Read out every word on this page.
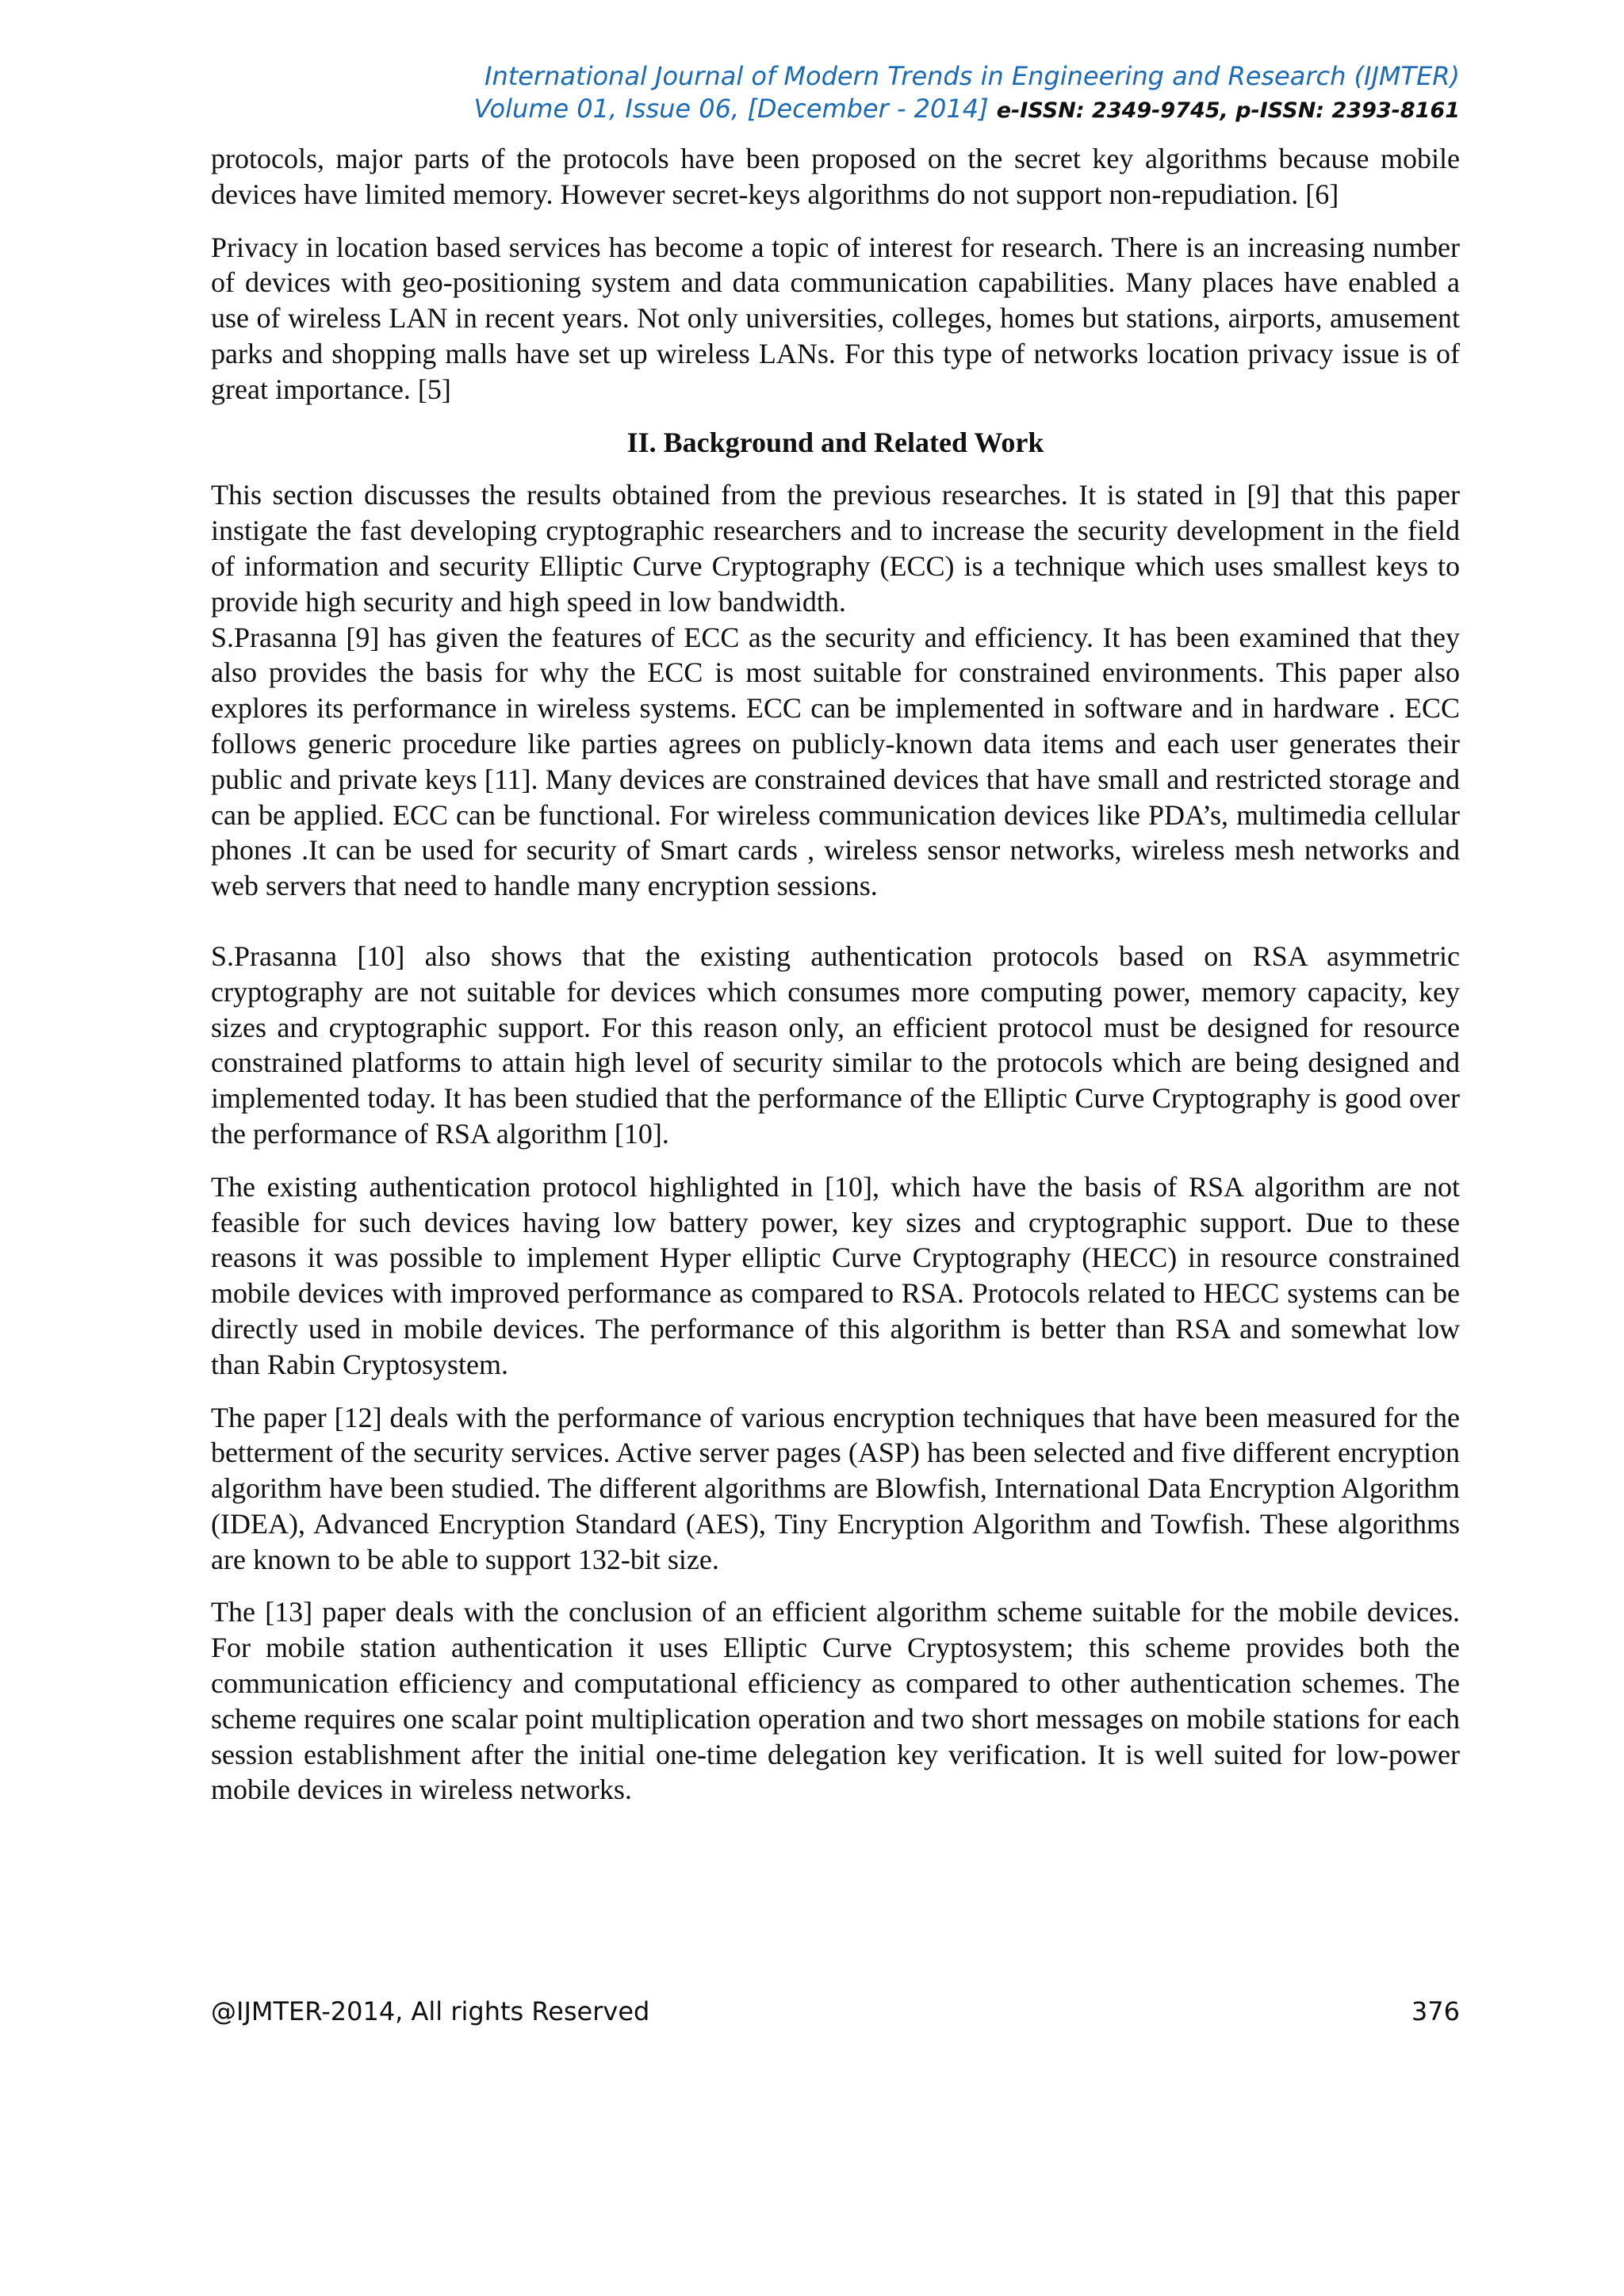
International Journal of Modern Trends in Engineering and Research (IJMTER)
Volume 01, Issue 06, [December - 2014] e-ISSN: 2349-9745, p-ISSN: 2393-8161

protocols, major parts of the protocols have been proposed on the secret key algorithms because mobile devices have limited memory. However secret-keys algorithms do not support non-repudiation. [6]

Privacy in location based services has become a topic of interest for research. There is an increasing number of devices with geo-positioning system and data communication capabilities. Many places have enabled a use of wireless LAN in recent years. Not only universities, colleges, homes but stations, airports, amusement parks and shopping malls have set up wireless LANs. For this type of networks location privacy issue is of great importance. [5]

II. Background and Related Work

This section discusses the results obtained from the previous researches. It is stated in [9] that this paper instigate the fast developing cryptographic researchers and to increase the security development in the field of information and security Elliptic Curve Cryptography (ECC) is a technique which uses smallest keys to provide high security and high speed in low bandwidth.

S.Prasanna [9] has given the features of ECC as the security and efficiency. It has been examined that they also provides the basis for why the ECC is most suitable for constrained environments. This paper also explores its performance in wireless systems. ECC can be implemented in software and in hardware . ECC follows generic procedure like parties agrees on publicly-known data items and each user generates their public and private keys [11]. Many devices are constrained devices that have small and restricted storage and can be applied. ECC can be functional. For wireless communication devices like PDA’s, multimedia cellular phones .It can be used for security of Smart cards , wireless sensor networks, wireless mesh networks and web servers that need to handle many encryption sessions.

S.Prasanna [10] also shows that the existing authentication protocols based on RSA asymmetric cryptography are not suitable for devices which consumes more computing power, memory capacity, key sizes and cryptographic support. For this reason only, an efficient protocol must be designed for resource constrained platforms to attain high level of security similar to the protocols which are being designed and implemented today. It has been studied that the performance of the Elliptic Curve Cryptography is good over the performance of RSA algorithm [10].

The existing authentication protocol highlighted in [10], which have the basis of RSA algorithm are not feasible for such devices having low battery power, key sizes and cryptographic support. Due to these reasons it was possible to implement Hyper elliptic Curve Cryptography (HECC) in resource constrained mobile devices with improved performance as compared to RSA. Protocols related to HECC systems can be directly used in mobile devices. The performance of this algorithm is better than RSA and somewhat low than Rabin Cryptosystem.

The paper [12] deals with the performance of various encryption techniques that have been measured for the betterment of the security services. Active server pages (ASP) has been selected and five different encryption algorithm have been studied. The different algorithms are Blowfish, International Data Encryption Algorithm (IDEA), Advanced Encryption Standard (AES), Tiny Encryption Algorithm and Towfish. These algorithms are known to be able to support 132-bit size.

The [13] paper deals with the conclusion of an efficient algorithm scheme suitable for the mobile devices. For mobile station authentication it uses Elliptic Curve Cryptosystem; this scheme provides both the communication efficiency and computational efficiency as compared to other authentication schemes. The scheme requires one scalar point multiplication operation and two short messages on mobile stations for each session establishment after the initial one-time delegation key verification. It is well suited for low-power mobile devices in wireless networks.

@IJMTER-2014, All rights Reserved	376
